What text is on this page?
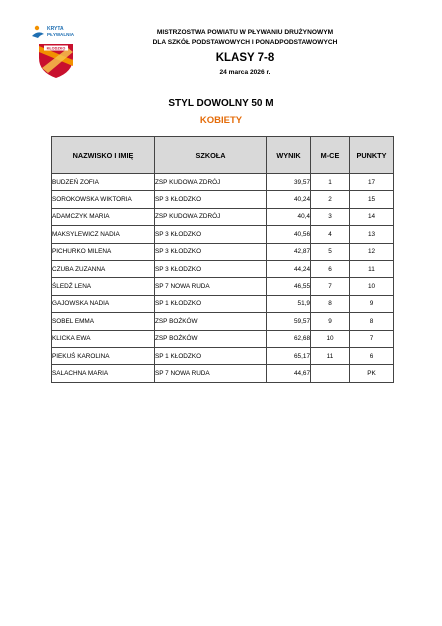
KRYTA
PŁYWALNIA
KŁODZKO
MISTRZOSTWA POWIATU W PŁYWANIU DRUŻYNOWYM
DLA SZKÓŁ PODSTAWOWYCH I PONADPODSTAWOWYCH
KLASY 7-8
24 marca 2026 r.
STYL DOWOLNY 50 M
KOBIETY
NAZWISKO I IMIĘ	SZKOŁA	WYNIK	M-CE	PUNKTY
BUDZEŃ ZOFIA	ZSP KUDOWA ZDRÓJ	39,57	1	17
SOROKOWSKA WIKTORIA	SP 3 KŁODZKO	40,24	2	15
ADAMCZYK MARIA	ZSP KUDOWA ZDRÓJ	40,4	3	14
MAKSYLEWICZ NADIA	SP 3 KŁODZKO	40,56	4	13
PICHURKO MILENA	SP 3 KŁODZKO	42,87	5	12
CZUBA ZUZANNA	SP 3 KŁODZKO	44,24	6	11
ŚLEDŹ LENA	SP 7 NOWA RUDA	46,55	7	10
GAJOWSKA NADIA	SP 1 KŁODZKO	51,9	8	9
SOBEL EMMA	ZSP BOŻKÓW	59,57	9	8
KLICKA EWA	ZSP BOŻKÓW	62,68	10	7
PIEKUŚ KAROLINA	SP 1 KŁODZKO	65,17	11	6
SALACHNA MARIA	SP 7 NOWA RUDA	44,67		PK
